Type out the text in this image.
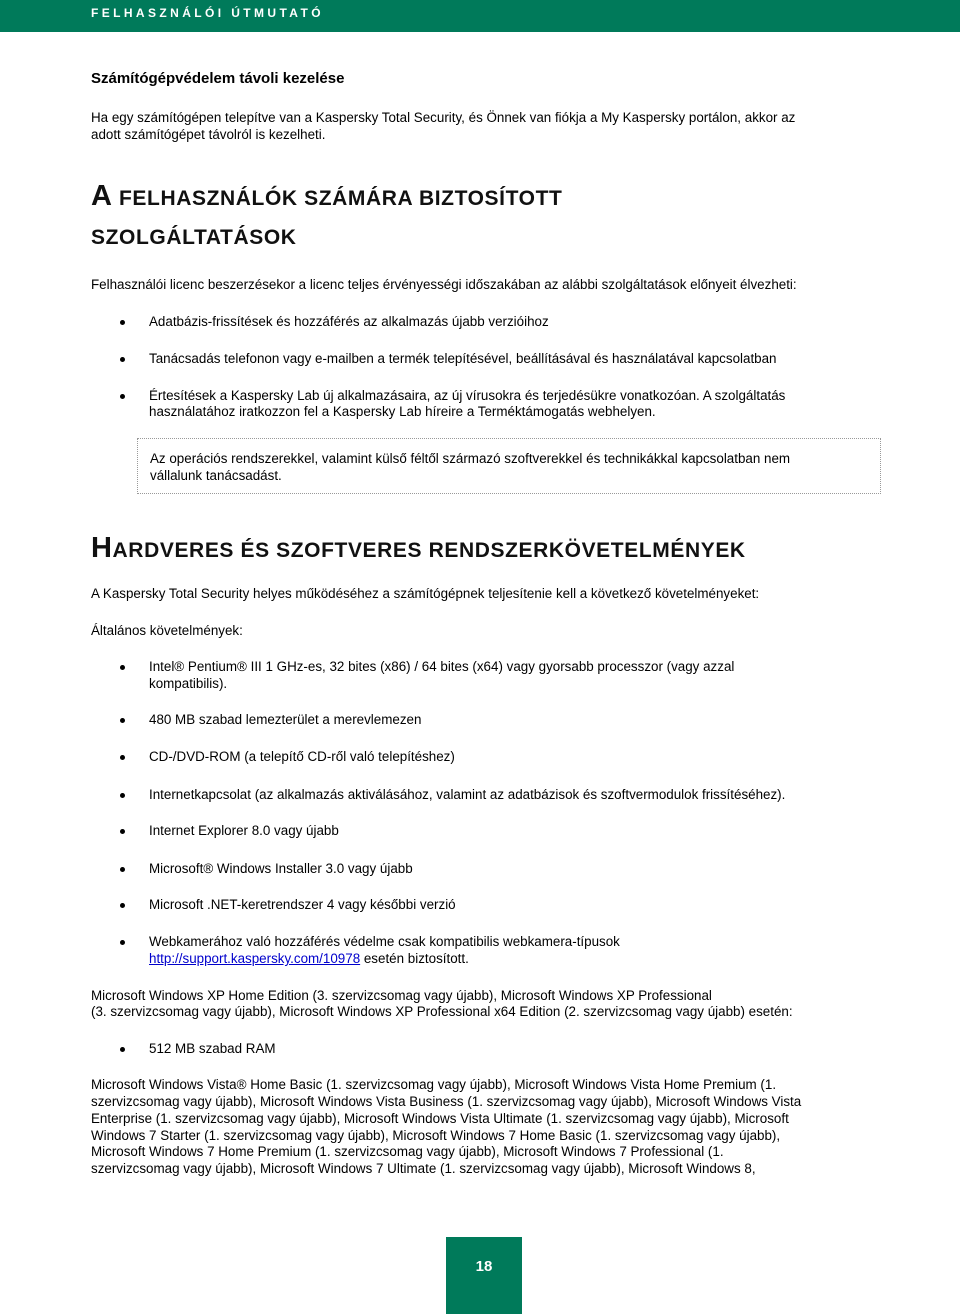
FELHASZNÁLÓI ÚTMUTATÓ
Számítógépvédelem távoli kezelése
Ha egy számítógépen telepítve van a Kaspersky Total Security, és Önnek van fiókja a My Kaspersky portálon, akkor az
adott számítógépet távolról is kezelheti.
A FELHASZNÁLÓK SZÁMÁRA BIZTOSÍTOTT
SZOLGÁLTATÁSOK
Felhasználói licenc beszerzésekor a licenc teljes érvényességi időszakában az alábbi szolgáltatások előnyeit élvezheti:
Adatbázis-frissítések és hozzáférés az alkalmazás újabb verzióihoz
Tanácsadás telefonon vagy e-mailben a termék telepítésével, beállításával és használatával kapcsolatban
Értesítések a Kaspersky Lab új alkalmazásaira, az új vírusokra és terjedésükre vonatkozóan. A szolgáltatás
használatához iratkozzon fel a Kaspersky Lab híreire a Terméktámogatás webhelyen.
Az operációs rendszerekkel, valamint külső féltől származó szoftverekkel és technikákkal kapcsolatban nem
vállalunk tanácsadást.
HARDVERES ÉS SZOFTVERES RENDSZERKÖVETELMÉNYEK
A Kaspersky Total Security helyes működéséhez a számítógépnek teljesítenie kell a következő követelményeket:
Általános követelmények:
Intel® Pentium® III 1 GHz-es, 32 bites (x86) / 64 bites (x64) vagy gyorsabb processzor (vagy azzal
kompatibilis).
480 MB szabad lemezterület a merevlemezen
CD-/DVD-ROM (a telepítő CD-ről való telepítéshez)
Internetkapcsolat (az alkalmazás aktiválásához, valamint az adatbázisok és szoftvermodulok frissítéséhez).
Internet Explorer 8.0 vagy újabb
Microsoft® Windows Installer 3.0 vagy újabb
Microsoft .NET-keretrendszer 4 vagy későbbi verzió
Webkamerához való hozzáférés védelme csak kompatibilis webkamera-típusok
http://support.kaspersky.com/10978 esetén biztosított.
Microsoft Windows XP Home Edition (3. szervizcsomag vagy újabb), Microsoft Windows XP Professional
(3. szervizcsomag vagy újabb), Microsoft Windows XP Professional x64 Edition (2. szervizcsomag vagy újabb) esetén:
512 MB szabad RAM
Microsoft Windows Vista® Home Basic (1. szervizcsomag vagy újabb), Microsoft Windows Vista Home Premium (1.
szervizcsomag vagy újabb), Microsoft Windows Vista Business (1. szervizcsomag vagy újabb), Microsoft Windows Vista
Enterprise (1. szervizcsomag vagy újabb), Microsoft Windows Vista Ultimate (1. szervizcsomag vagy újabb), Microsoft
Windows 7 Starter (1. szervizcsomag vagy újabb), Microsoft Windows 7 Home Basic (1. szervizcsomag vagy újabb),
Microsoft Windows 7 Home Premium (1. szervizcsomag vagy újabb), Microsoft Windows 7 Professional (1.
szervizcsomag vagy újabb), Microsoft Windows 7 Ultimate (1. szervizcsomag vagy újabb), Microsoft Windows 8,
18
